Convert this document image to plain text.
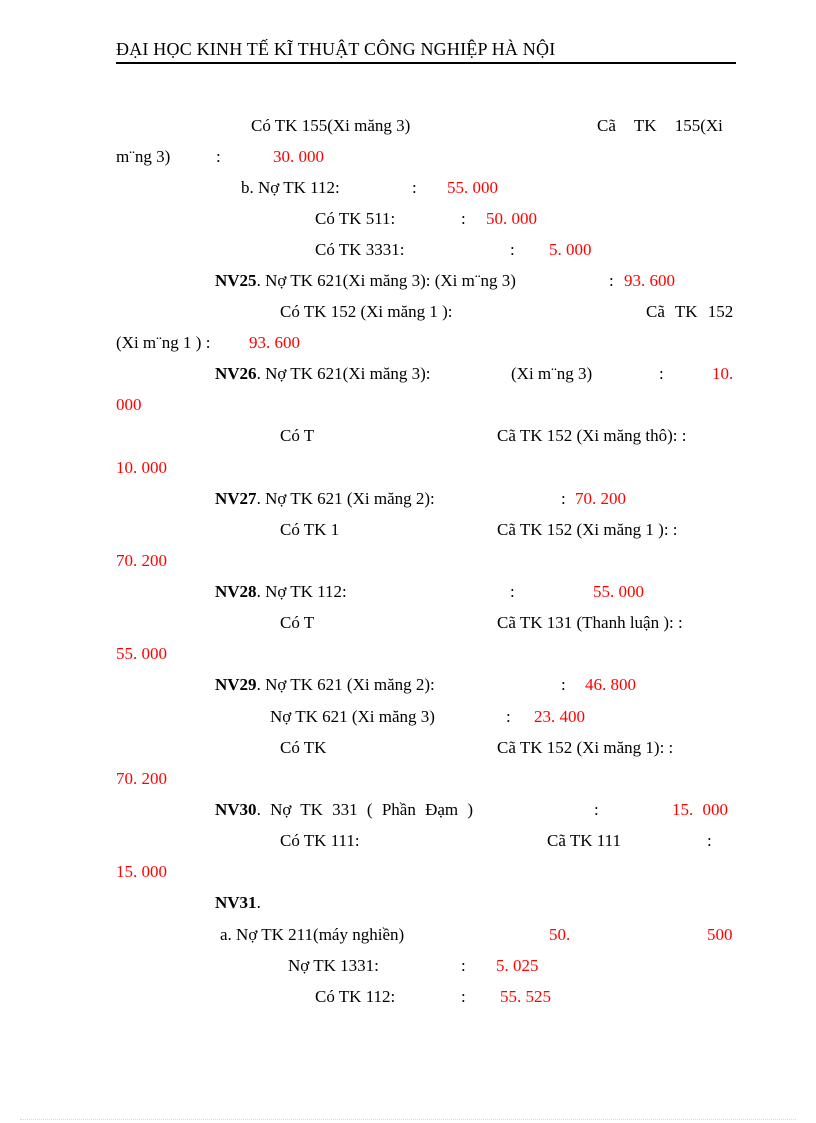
ĐẠI HỌC KINH TẾ KĨ THUẬT CÔNG NGHIỆP HÀ NỘI
Có TK 155(Xi măng 3)	Cã TK 155(Xi
m¨ng 3)	:	30. 000
b. Nợ TK 112:	: 55. 000
Có TK 511:	: 50. 000
Có TK 3331:	: 5. 000
NV25. Nợ TK 621(Xi măng 3): (Xi m¨ng 3)	: 93. 600
Có TK 152 (Xi măng 1 ):	Cã TK 152
(Xi m¨ng 1 ) : 93. 600
NV26. Nợ TK 621(Xi măng 3):	(Xi m¨ng 3)	:	10.
000
Có T	Cã TK 152 (Xi măng thô): :
10. 000
NV27. Nợ TK 621 (Xi măng 2):	: 70. 200
Có TK 1	Cã TK 152 (Xi măng 1 ): :
70. 200
NV28. Nợ TK 112:	:	55. 000
Có T	Cã TK 131 (Thanh luận ): :
55. 000
NV29. Nợ TK 621 (Xi măng 2):	: 46. 800
Nợ TK 621 (Xi măng 3)	: 23. 400
Có TK	Cã TK 152 (Xi măng 1): :
70. 200
NV30. Nợ TK 331 ( Phần Đạm )	:	15. 000
Có TK 111:	Cã TK 111	:
15. 000
NV31.
a. Nợ TK 211(máy nghiền)	50.	500
Nợ TK 1331:	: 5. 025
Có TK 112:	: 55. 525
